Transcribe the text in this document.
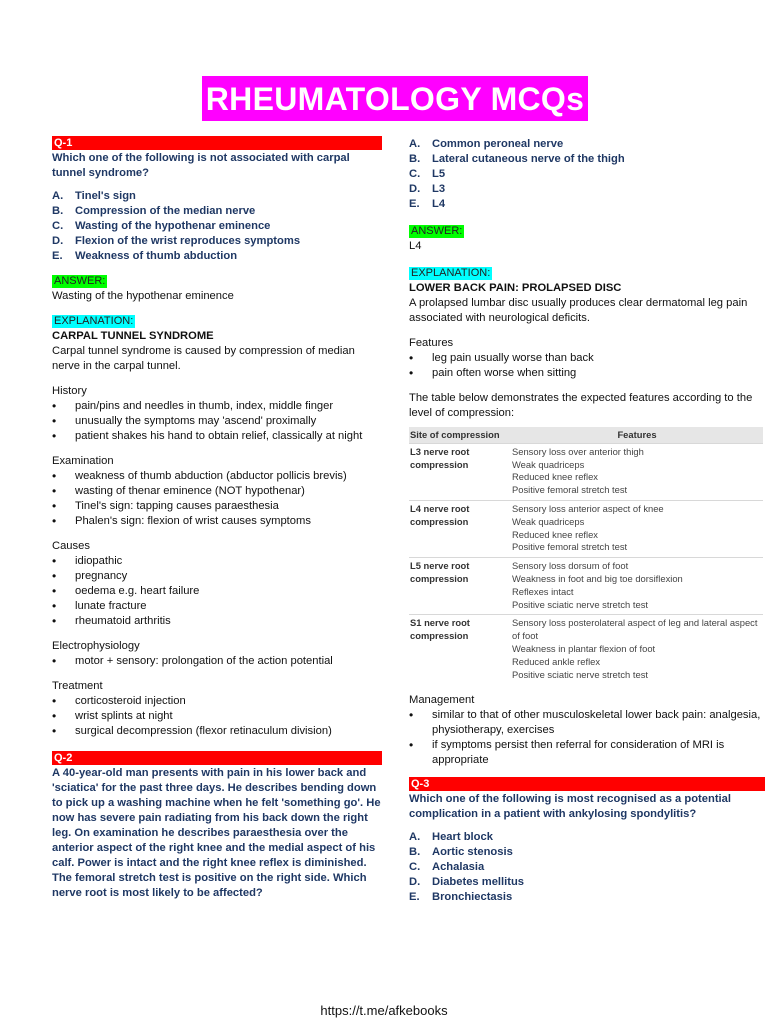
RHEUMATOLOGY MCQs
Q-1
Which one of the following is not associated with carpal tunnel syndrome?
A.	Tinel's sign
B.	Compression of the median nerve
C.	Wasting of the hypothenar eminence
D.	Flexion of the wrist reproduces symptoms
E.	Weakness of thumb abduction
ANSWER:
Wasting of the hypothenar eminence
EXPLANATION:
CARPAL TUNNEL SYNDROME
Carpal tunnel syndrome is caused by compression of median nerve in the carpal tunnel.
History
• pain/pins and needles in thumb, index, middle finger
• unusually the symptoms may 'ascend' proximally
• patient shakes his hand to obtain relief, classically at night
Examination
• weakness of thumb abduction (abductor pollicis brevis)
• wasting of thenar eminence (NOT hypothenar)
• Tinel's sign: tapping causes paraesthesia
• Phalen's sign: flexion of wrist causes symptoms
Causes
• idiopathic
• pregnancy
• oedema e.g. heart failure
• lunate fracture
• rheumatoid arthritis
Electrophysiology
• motor + sensory: prolongation of the action potential
Treatment
• corticosteroid injection
• wrist splints at night
• surgical decompression (flexor retinaculum division)
Q-2
A 40-year-old man presents with pain in his lower back and 'sciatica' for the past three days. He describes bending down to pick up a washing machine when he felt 'something go'. He now has severe pain radiating from his back down the right leg. On examination he describes paraesthesia over the anterior aspect of the right knee and the medial aspect of his calf. Power is intact and the right knee reflex is diminished. The femoral stretch test is positive on the right side. Which nerve root is most likely to be affected?
A.	Common peroneal nerve
B.	Lateral cutaneous nerve of the thigh
C.	L5
D.	L3
E.	L4
ANSWER:
L4
EXPLANATION:
LOWER BACK PAIN: PROLAPSED DISC
A prolapsed lumbar disc usually produces clear dermatomal leg pain associated with neurological deficits.
Features
• leg pain usually worse than back
• pain often worse when sitting
The table below demonstrates the expected features according to the level of compression:
Site of compression	Features
L3 nerve root compression	Sensory loss over anterior thigh
Weak quadriceps
Reduced knee reflex
Positive femoral stretch test

L4 nerve root compression	Sensory loss anterior aspect of knee
Weak quadriceps
Reduced knee reflex
Positive femoral stretch test

L5 nerve root compression	Sensory loss dorsum of foot
Weakness in foot and big toe dorsiflexion
Reflexes intact
Positive sciatic nerve stretch test

S1 nerve root compression	Sensory loss posterolateral aspect of leg and lateral aspect of foot
Weakness in plantar flexion of foot
Reduced ankle reflex
Positive sciatic nerve stretch test
Management
• similar to that of other musculoskeletal lower back pain: analgesia, physiotherapy, exercises
• if symptoms persist then referral for consideration of MRI is appropriate
Q-3
Which one of the following is most recognised as a potential complication in a patient with ankylosing spondylitis?
A.	Heart block
B.	Aortic stenosis
C.	Achalasia
D.	Diabetes mellitus
E.	Bronchiectasis
https://t.me/afkebooks
